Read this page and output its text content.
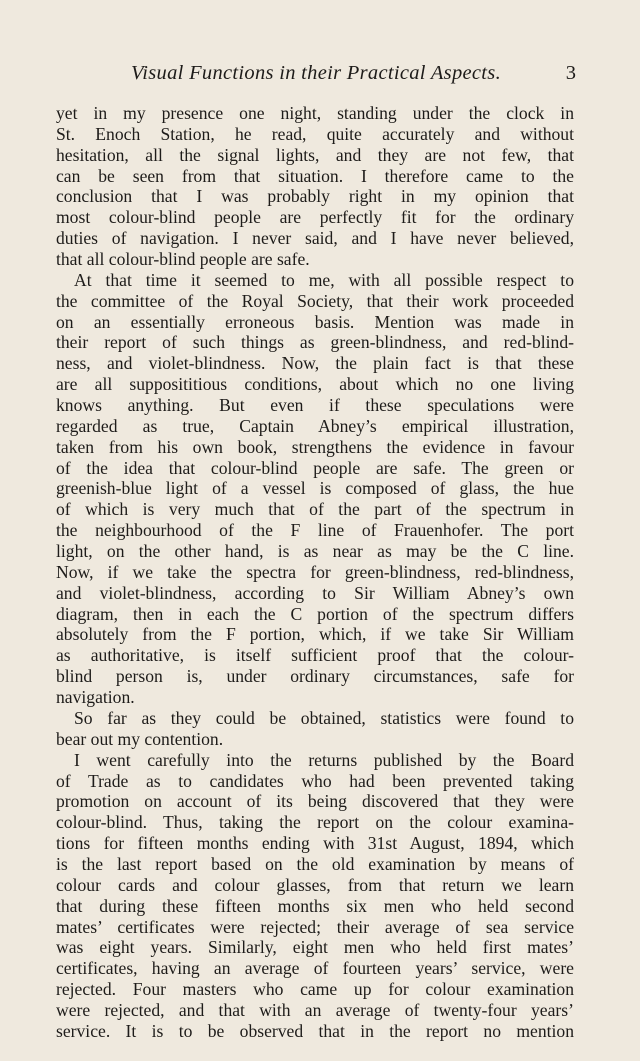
Visual Functions in their Practical Aspects.	3
yet in my presence one night, standing under the clock in
St. Enoch Station, he read, quite accurately and without
hesitation, all the signal lights, and they are not few, that
can be seen from that situation. I therefore came to the
conclusion that I was probably right in my opinion that
most colour-blind people are perfectly fit for the ordinary
duties of navigation. I never said, and I have never believed,
that all colour-blind people are safe.
At that time it seemed to me, with all possible respect to
the committee of the Royal Society, that their work proceeded
on an essentially erroneous basis. Mention was made in
their report of such things as green-blindness, and red-blind-
ness, and violet-blindness. Now, the plain fact is that these
are all supposititious conditions, about which no one living
knows anything. But even if these speculations were
regarded as true, Captain Abney’s empirical illustration,
taken from his own book, strengthens the evidence in favour
of the idea that colour-blind people are safe. The green or
greenish-blue light of a vessel is composed of glass, the hue
of which is very much that of the part of the spectrum in
the neighbourhood of the F line of Frauenhofer. The port
light, on the other hand, is as near as may be the C line.
Now, if we take the spectra for green-blindness, red-blindness,
and violet-blindness, according to Sir William Abney’s own
diagram, then in each the C portion of the spectrum differs
absolutely from the F portion, which, if we take Sir William
as authoritative, is itself sufficient proof that the colour-
blind person is, under ordinary circumstances, safe for
navigation.
So far as they could be obtained, statistics were found to
bear out my contention.
I went carefully into the returns published by the Board
of Trade as to candidates who had been prevented taking
promotion on account of its being discovered that they were
colour-blind. Thus, taking the report on the colour examina-
tions for fifteen months ending with 31st August, 1894, which
is the last report based on the old examination by means of
colour cards and colour glasses, from that return we learn
that during these fifteen months six men who held second
mates’ certificates were rejected; their average of sea service
was eight years. Similarly, eight men who held first mates’
certificates, having an average of fourteen years’ service, were
rejected. Four masters who came up for colour examination
were rejected, and that with an average of twenty-four years’
service. It is to be observed that in the report no mention
